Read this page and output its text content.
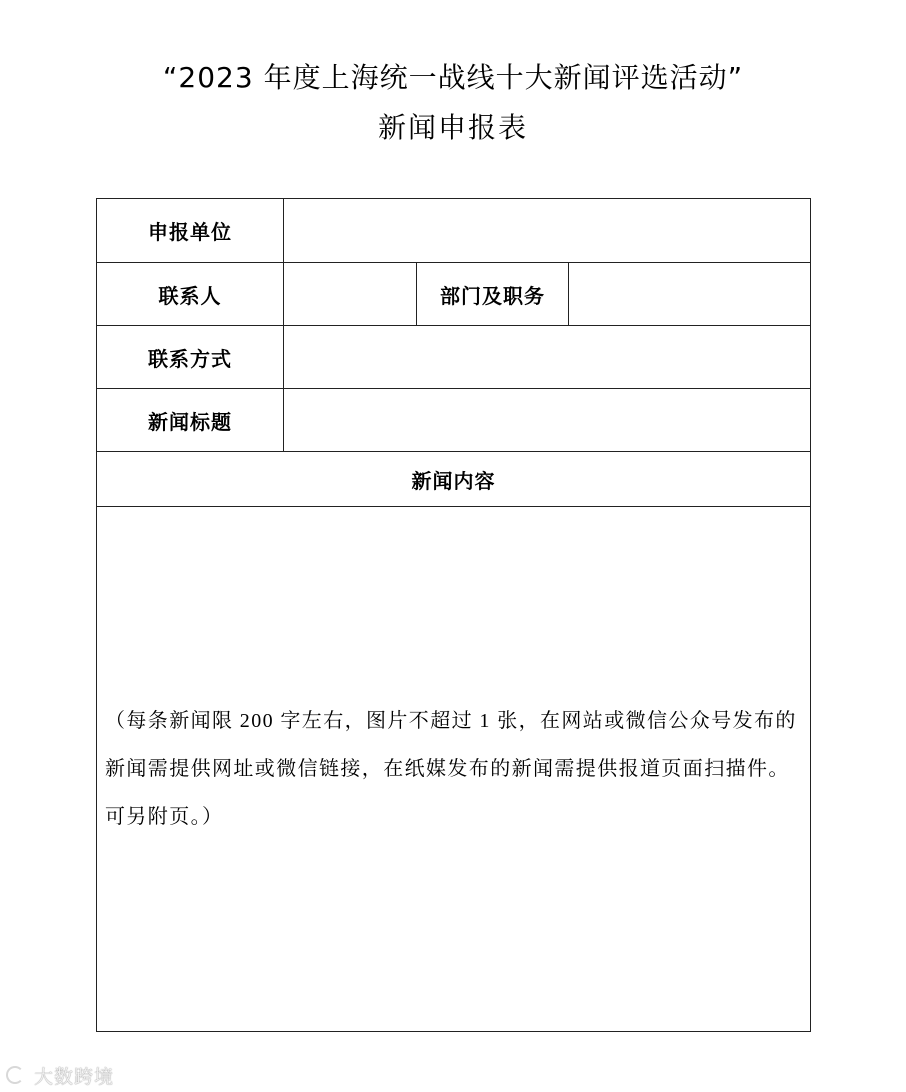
“2023 年度上海统一战线十大新闻评选活动”
新闻申报表
申报单位
联系人	部门及职务
联系方式
新闻标题
新闻内容
（每条新闻限 200 字左右，图片不超过 1 张，在网站或微信公众号发布的
新闻需提供网址或微信链接，在纸媒发布的新闻需提供报道页面扫描件。
可另附页。）
大数跨境
